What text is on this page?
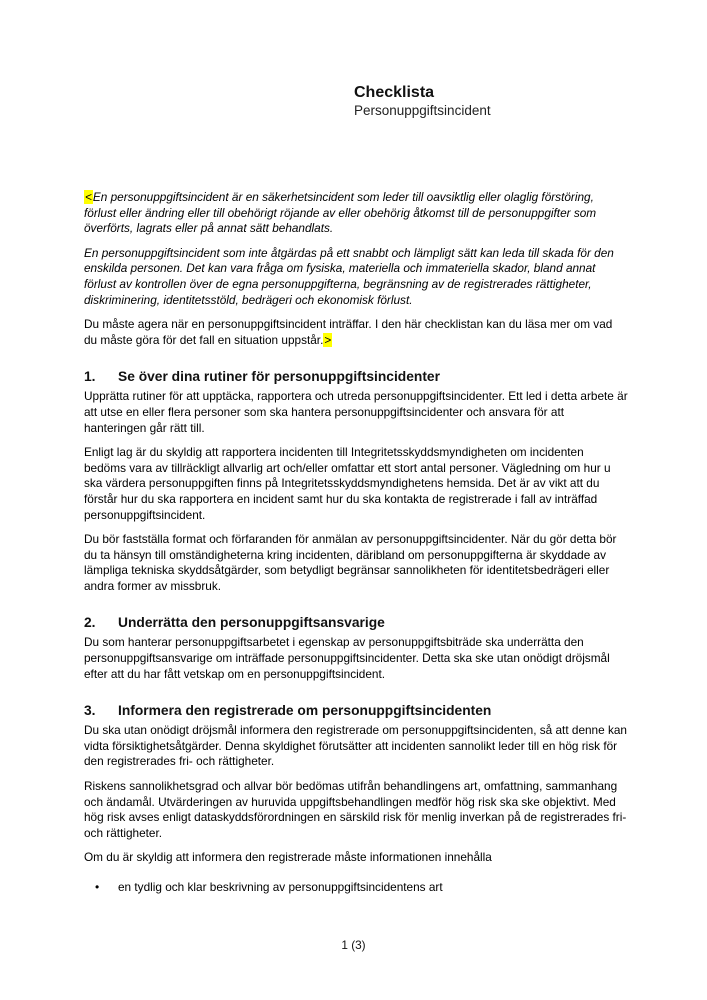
Checklista
Personuppgiftsincident

<En personuppgiftsincident är en säkerhetsincident som leder till oavsiktlig eller olaglig förstöring, förlust eller ändring eller till obehörigt röjande av eller obehörig åtkomst till de personuppgifter som överförts, lagrats eller på annat sätt behandlats.

En personuppgiftsincident som inte åtgärdas på ett snabbt och lämpligt sätt kan leda till skada för den enskilda personen. Det kan vara fråga om fysiska, materiella och immateriella skador, bland annat förlust av kontrollen över de egna personuppgifterna, begränsning av de registrerades rättigheter, diskriminering, identitetsstöld, bedrägeri och ekonomisk förlust.

Du måste agera när en personuppgiftsincident inträffar. I den här checklistan kan du läsa mer om vad du måste göra för det fall en situation uppstår.>

1.	Se över dina rutiner för personuppgiftsincidenter

Upprätta rutiner för att upptäcka, rapportera och utreda personuppgiftsincidenter. Ett led i detta arbete är att utse en eller flera personer som ska hantera personuppgiftsincidenter och ansvara för att hanteringen går rätt till.

Enligt lag är du skyldig att rapportera incidenten till Integritetsskyddsmyndigheten om incidenten bedöms vara av tillräckligt allvarlig art och/eller omfattar ett stort antal personer. Vägledning om hur u ska värdera personuppgiften finns på Integritetsskyddsmyndighetens hemsida. Det är av vikt att du förstår hur du ska rapportera en incident samt hur du ska kontakta de registrerade i fall av inträffad personuppgiftsincident.

Du bör fastställa format och förfaranden för anmälan av personuppgiftsincidenter. När du gör detta bör du ta hänsyn till omständigheterna kring incidenten, däribland om personuppgifterna är skyddade av lämpliga tekniska skyddsåtgärder, som betydligt begränsar sannolikheten för identitetsbedrägeri eller andra former av missbruk.

2.	Underrätta den personuppgiftsansvarige

Du som hanterar personuppgiftsarbetet i egenskap av personuppgiftsbiträde ska underrätta den personuppgiftsansvarige om inträffade personuppgiftsincidenter. Detta ska ske utan onödigt dröjsmål efter att du har fått vetskap om en personuppgiftsincident.

3.	Informera den registrerade om personuppgiftsincidenten

Du ska utan onödigt dröjsmål informera den registrerade om personuppgiftsincidenten, så att denne kan vidta försiktighetsåtgärder. Denna skyldighet förutsätter att incidenten sannolikt leder till en hög risk för den registrerades fri- och rättigheter.

Riskens sannolikhetsgrad och allvar bör bedömas utifrån behandlingens art, omfattning, sammanhang och ändamål. Utvärderingen av huruvida uppgiftsbehandlingen medför hög risk ska ske objektivt. Med hög risk avses enligt dataskyddsförordningen en särskild risk för menlig inverkan på de registrerades fri- och rättigheter.

Om du är skyldig att informera den registrerade måste informationen innehålla

• en tydlig och klar beskrivning av personuppgiftsincidentens art
1 (3)
